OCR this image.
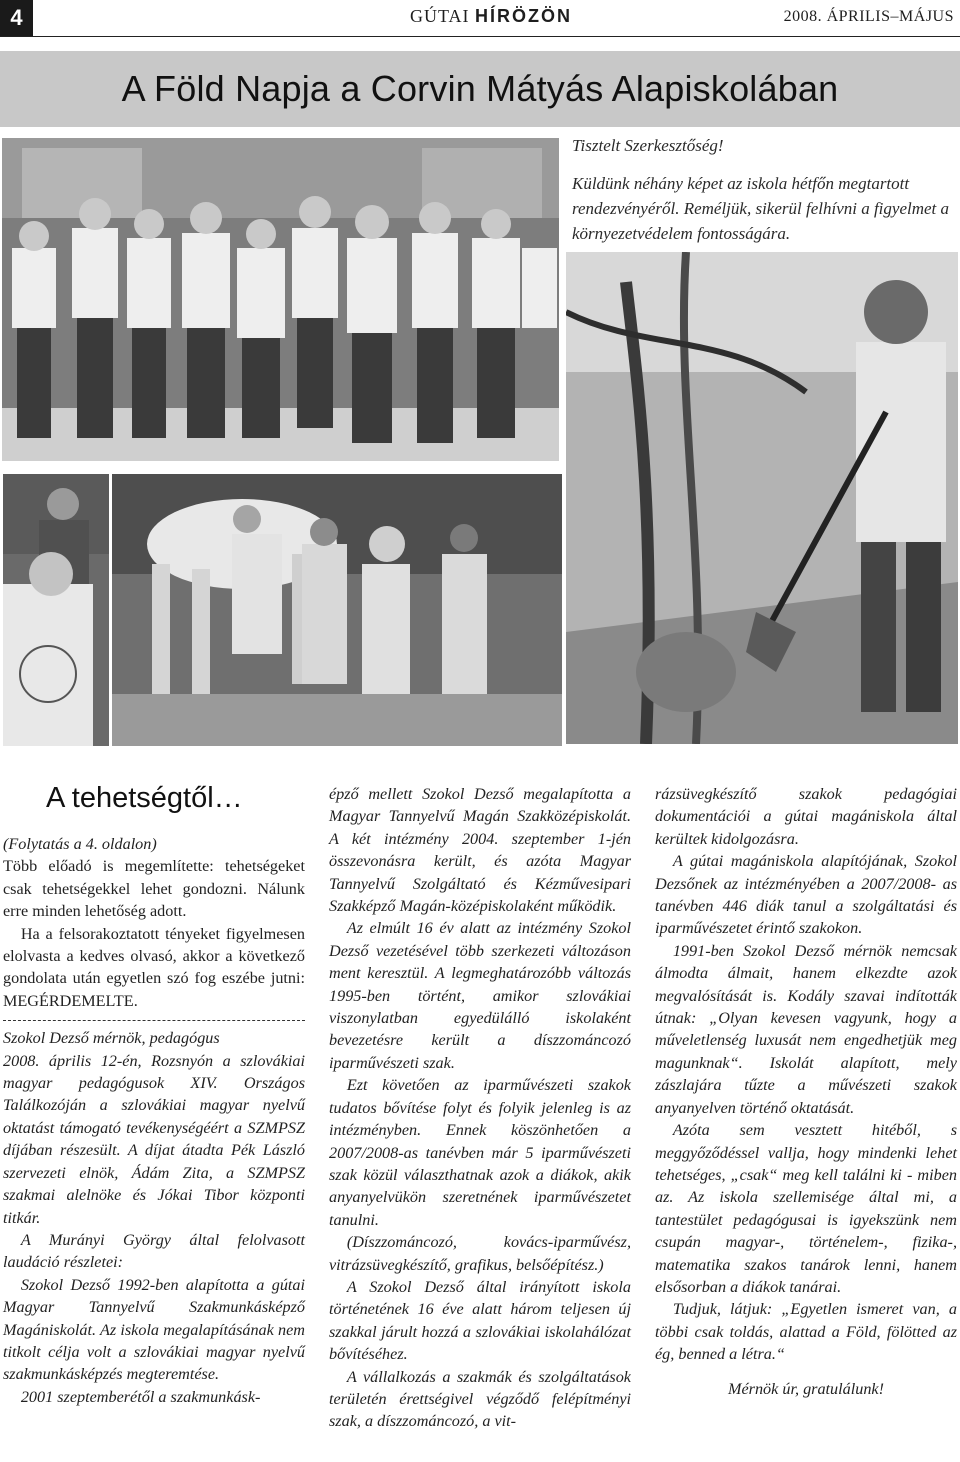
4	GÚTAI HÍRÖZÖN	2008. ÁPRILIS–MÁJUS
A Föld Napja a Corvin Mátyás Alapiskolában

Tisztelt Szerkesztőség!

Küldünk néhány képet az iskola hétfőn megtartott rendezvényéről. Reméljük, sikerül felhívni a figyelmet a környezetvédelem fontosságára.

A tehetségtől…

(Folytatás a 4. oldalon)

Több előadó is megemlítette: tehetségeket csak tehetségekkel lehet gondozni. Nálunk erre minden lehetőség adott.

Ha a felsorakoztatott tényeket figyelmesen elolvasta a kedves olvasó, akkor a következő gondolata után egyetlen szó fog eszébe jutni: MEGÉRDEMELTE.

Szokol Dezső mérnök, pedagógus

2008. április 12-én, Rozsnyón a szlovákiai magyar pedagógusok XIV. Országos Találkozóján a szlovákiai magyar nyelvű oktatást támogató tevékenységéért a SZMPSZ díjában részesült. A díjat átadta Pék László szervezeti elnök, Ádám Zita, a SZMPSZ szakmai alelnöke és Jókai Tibor központi titkár.

A Murányi György által felolvasott laudáció részletei:

Szokol Dezső 1992-ben alapította a gútai Magyar Tannyelvű Szakmunkásképző Magániskolát. Az iskola megalapításának nem titkolt célja volt a szlovákiai magyar nyelvű szakmunkásképzés megteremtése.

2001 szeptemberétől a szakmunkásk-

épző mellett Szokol Dezső megalapította a Magyar Tannyelvű Magán Szakközépiskolát. A két intézmény 2004. szeptember 1-jén összevonásra került, és azóta Magyar Tannyelvű Szolgáltató és Kézművesipari Szakképző Magán-középiskolaként működik.

Az elmúlt 16 év alatt az intézmény Szokol Dezső vezetésével több szerkezeti változáson ment keresztül. A legmeghatározóbb változás 1995-ben történt, amikor szlovákiai viszonylatban egyedülálló iskolaként bevezetésre került a díszzománcozó iparművészeti szak.

Ezt követően az iparművészeti szakok tudatos bővítése folyt és folyik jelenleg is az intézményben. Ennek köszönhetően a 2007/2008-as tanévben már 5 iparművészeti szak közül választhatnak azok a diákok, akik anyanyelvükön szeretnének iparművészetet tanulni.

(Díszzománcozó, kovács-iparművész, vitrázsüvegkészítő, grafikus, belsőépítész.)

A Szokol Dezső által irányított iskola történetének 16 éve alatt három teljesen új szakkal járult hozzá a szlovákiai iskolahálózat bővítéséhez.

A vállalkozás a szakmák és szolgáltatások területén érettségivel végződő felépítményi szak, a díszzománcozó, a vit-

rázsüvegkészítő szakok pedagógiai dokumentációi a gútai magániskola által kerültek kidolgozásra.

A gútai magániskola alapítójának, Szokol Dezsőnek az intézményében a 2007/2008- as tanévben 446 diák tanul a szolgáltatási és iparművészetet érintő szakokon.

1991-ben Szokol Dezső mérnök nemcsak álmodta álmait, hanem elkezdte azok megvalósítását is. Kodály szavai indították útnak: „Olyan kevesen vagyunk, hogy a műveletlenség luxusát nem engedhetjük meg magunknak“. Iskolát alapított, mely zászlajára tűzte a művészeti szakok anyanyelven történő oktatását.

Azóta sem vesztett hitéből, s meggyőződéssel vallja, hogy mindenki lehet tehetséges, „csak“ meg kell találni ki - miben az. Az iskola szellemisége által mi, a tantestület pedagógusai is igyekszünk nem csupán magyar-, történelem-, fizika-, matematika szakos tanárok lenni, hanem elsősorban a diákok tanárai.

Tudjuk, látjuk: „Egyetlen ismeret van, a többi csak toldás, alattad a Föld, fölötted az ég, benned a létra.“

Mérnök úr, gratulálunk!
